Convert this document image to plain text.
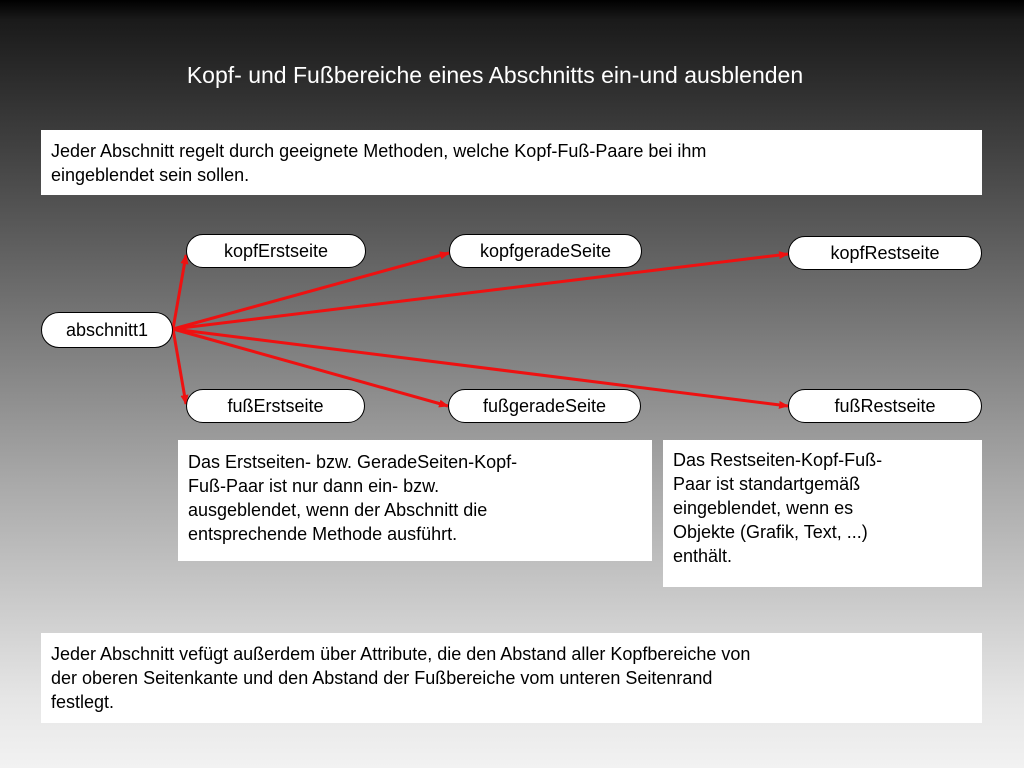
Kopf- und Fußbereiche eines Abschnitts ein-und ausblenden
Jeder Abschnitt regelt durch geeignete Methoden, welche Kopf-Fuß-Paare bei ihm
eingeblendet sein sollen.
abschnitt1
kopfErstseite	kopfgeradeSeite	kopfRestseite
fußErstseite	fußgeradeSeite	fußRestseite
Das Erstseiten- bzw. GeradeSeiten-Kopf-
Fuß-Paar ist nur dann ein- bzw.
ausgeblendet, wenn der Abschnitt die
entsprechende Methode ausführt.
Das Restseiten-Kopf-Fuß-
Paar ist standartgemäß
eingeblendet, wenn es
Objekte (Grafik, Text, ...)
enthält.
Jeder Abschnitt vefügt außerdem über Attribute, die den Abstand aller Kopfbereiche von
der oberen Seitenkante und den Abstand der Fußbereiche vom unteren Seitenrand
festlegt.
